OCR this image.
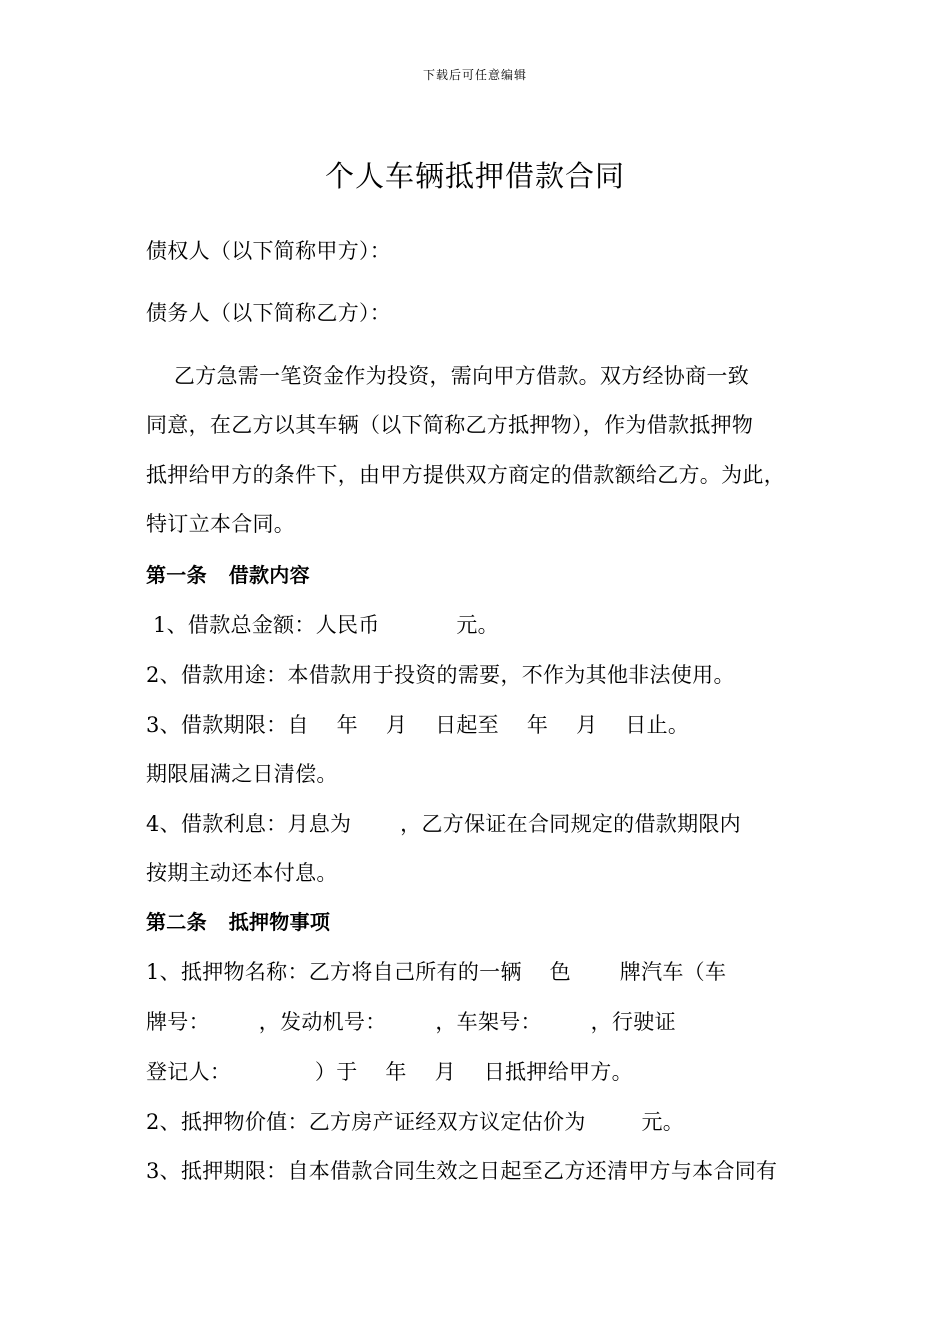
下载后可任意编辑
个人车辆抵押借款合同
债权人（以下简称甲方）：
债务人（以下简称乙方）：
乙方急需一笔资金作为投资，需向甲方借款。双方经协商一致
同意，在乙方以其车辆（以下简称乙方抵押物），作为借款抵押物
抵押给甲方的条件下，由甲方提供双方商定的借款额给乙方。为此，
特订立本合同。
第一条   借款内容
1、借款总金额：人民币           元。
2、借款用途：本借款用于投资的需要，不作为其他非法使用。
3、借款期限：自    年    月    日起至    年    月    日止。
期限届满之日清偿。
4、借款利息：月息为       ，乙方保证在合同规定的借款期限内
按期主动还本付息。
第二条   抵押物事项
1、抵押物名称：乙方将自己所有的一辆    色       牌汽车（车
牌号：       ，发动机号：       ，车架号：       ，行驶证
登记人：            ）于    年    月    日抵押给甲方。
2、抵押物价值：乙方房产证经双方议定估价为        元。
3、抵押期限：自本借款合同生效之日起至乙方还清甲方与本合同有
